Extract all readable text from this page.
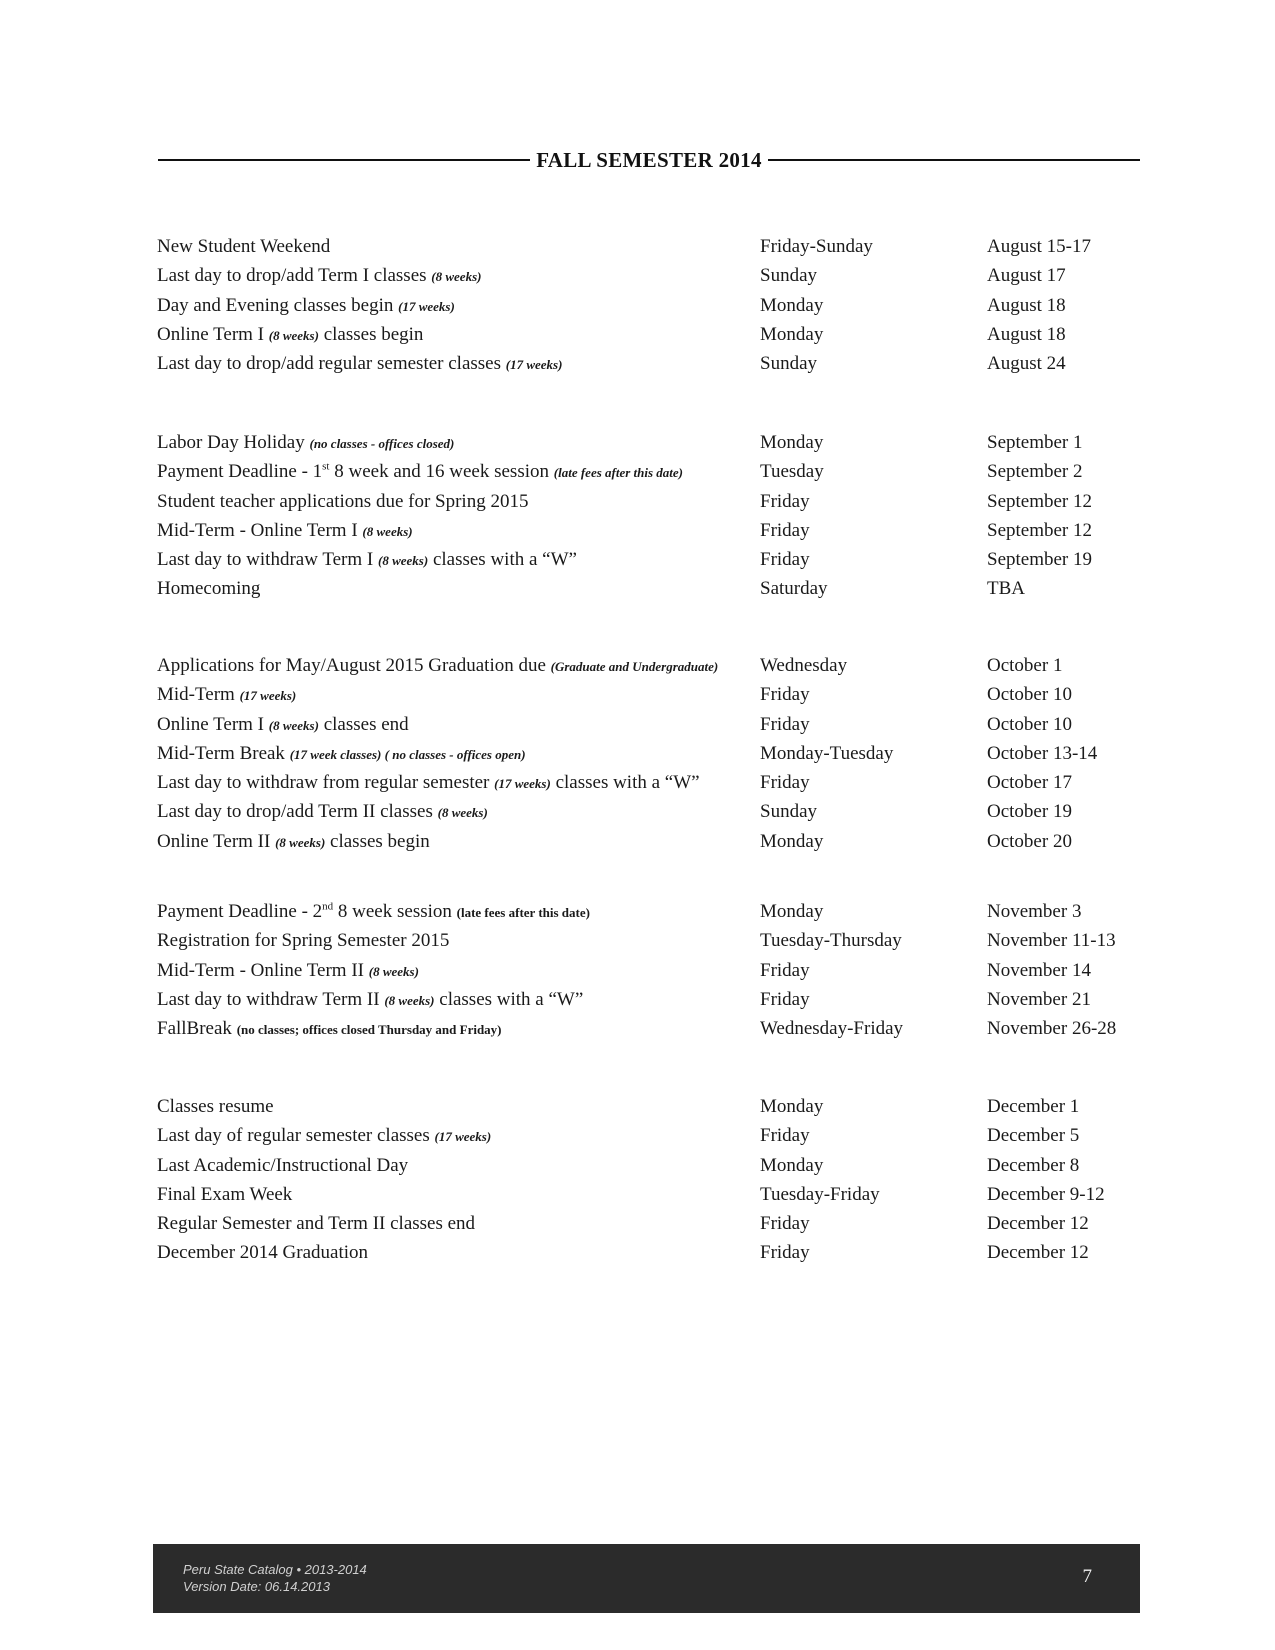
FALL SEMESTER 2014
New Student Weekend	Friday-Sunday	August 15-17
Last day to drop/add Term I classes (8 weeks)	Sunday	August 17
Day and Evening classes begin (17 weeks)	Monday	August 18
Online Term I (8 weeks) classes begin	Monday	August 18
Last day to drop/add regular semester classes (17 weeks)	Sunday	August 24
Labor Day Holiday (no classes - offices closed)	Monday	September 1
Payment Deadline - 1st 8 week and 16 week session (late fees after this date)	Tuesday	September 2
Student teacher applications due for Spring 2015	Friday	September 12
Mid-Term - Online Term I (8 weeks)	Friday	September 12
Last day to withdraw Term I (8 weeks) classes with a “W”	Friday	September 19
Homecoming	Saturday	TBA
Applications for May/August 2015 Graduation due (Graduate and Undergraduate) Wednesday	October 1
Mid-Term (17 weeks)	Friday	October 10
Online Term I (8 weeks) classes end	Friday	October 10
Mid-Term Break (17 week classes) ( no classes - offices open)	Monday-Tuesday	October 13-14
Last day to withdraw from regular semester (17 weeks) classes with a “W”	Friday	October 17
Last day to drop/add Term II classes (8 weeks)	Sunday	October 19
Online Term II (8 weeks) classes begin	Monday	October 20
Payment Deadline - 2nd 8 week session (late fees after this date)	Monday	November 3
Registration for Spring Semester 2015	Tuesday-Thursday	November 11-13
Mid-Term - Online Term II (8 weeks)	Friday	November 14
Last day to withdraw Term II (8 weeks) classes with a “W”	Friday	November 21
FallBreak (no classes; offices closed Thursday and Friday)	Wednesday-Friday	November 26-28
Classes resume	Monday	December 1
Last day of regular semester classes (17 weeks)	Friday	December 5
Last Academic/Instructional Day	Monday	December 8
Final Exam Week	Tuesday-Friday	December 9-12
Regular Semester and Term II classes end	Friday	December 12
December 2014 Graduation	Friday	December 12
Peru State Catalog • 2013-2014
Version Date: 06.14.2013	7
